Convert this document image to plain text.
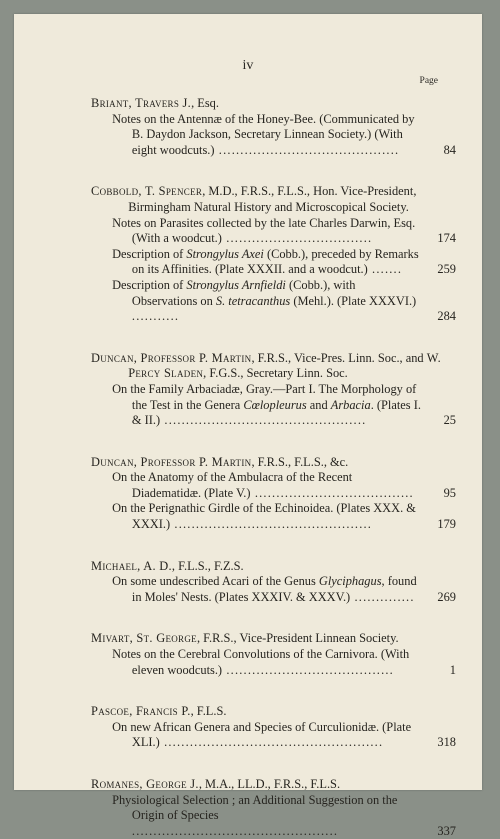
iv
Page
Briant, Travers J., Esq.
Notes on the Antennæ of the Honey-Bee. (Communicated by B. Daydon Jackson, Secretary Linnean Society.) (With eight woodcuts.) ..........................................	84
Cobbold, T. Spencer, M.D., F.R.S., F.L.S., Hon. Vice-President, Birmingham Natural History and Microscopical Society.
Notes on Parasites collected by the late Charles Darwin, Esq. (With a woodcut.) ..................................	174
Description of Strongylus Axei (Cobb.), preceded by Remarks on its Affinities. (Plate XXXII. and a woodcut.) .......	259
Description of Strongylus Arnfieldi (Cobb.), with Observations on S. tetracanthus (Mehl.). (Plate XXXVI.) ...........	284
Duncan, Professor P. Martin, F.R.S., Vice-Pres. Linn. Soc., and W. Percy Sladen, F.G.S., Secretary Linn. Soc.
On the Family Arbaciadæ, Gray.—Part I. The Morphology of the Test in the Genera Cœlopleurus and Arbacia. (Plates I. & II.) ...............................................	25
Duncan, Professor P. Martin, F.R.S., F.L.S., &c.
On the Anatomy of the Ambulacra of the Recent Diadematidæ. (Plate V.) ..................................... 95
On the Perignathic Girdle of the Echinoidea. (Plates XXX. & XXXI.) ..............................................	179
Michael, A. D., F.L.S., F.Z.S.
On some undescribed Acari of the Genus Glyciphagus, found in Moles' Nests. (Plates XXXIV. & XXXV.) .............. 269
Mivart, St. George, F.R.S., Vice-President Linnean Society.
Notes on the Cerebral Convolutions of the Carnivora. (With eleven woodcuts.) .......................................	1
Pascoe, Francis P., F.L.S.
On new African Genera and Species of Curculionidæ. (Plate XLI.) ...................................................	318
Romanes, George J., M.A., LL.D., F.R.S., F.L.S.
Physiological Selection ; an Additional Suggestion on the Origin of Species ................................................	337
